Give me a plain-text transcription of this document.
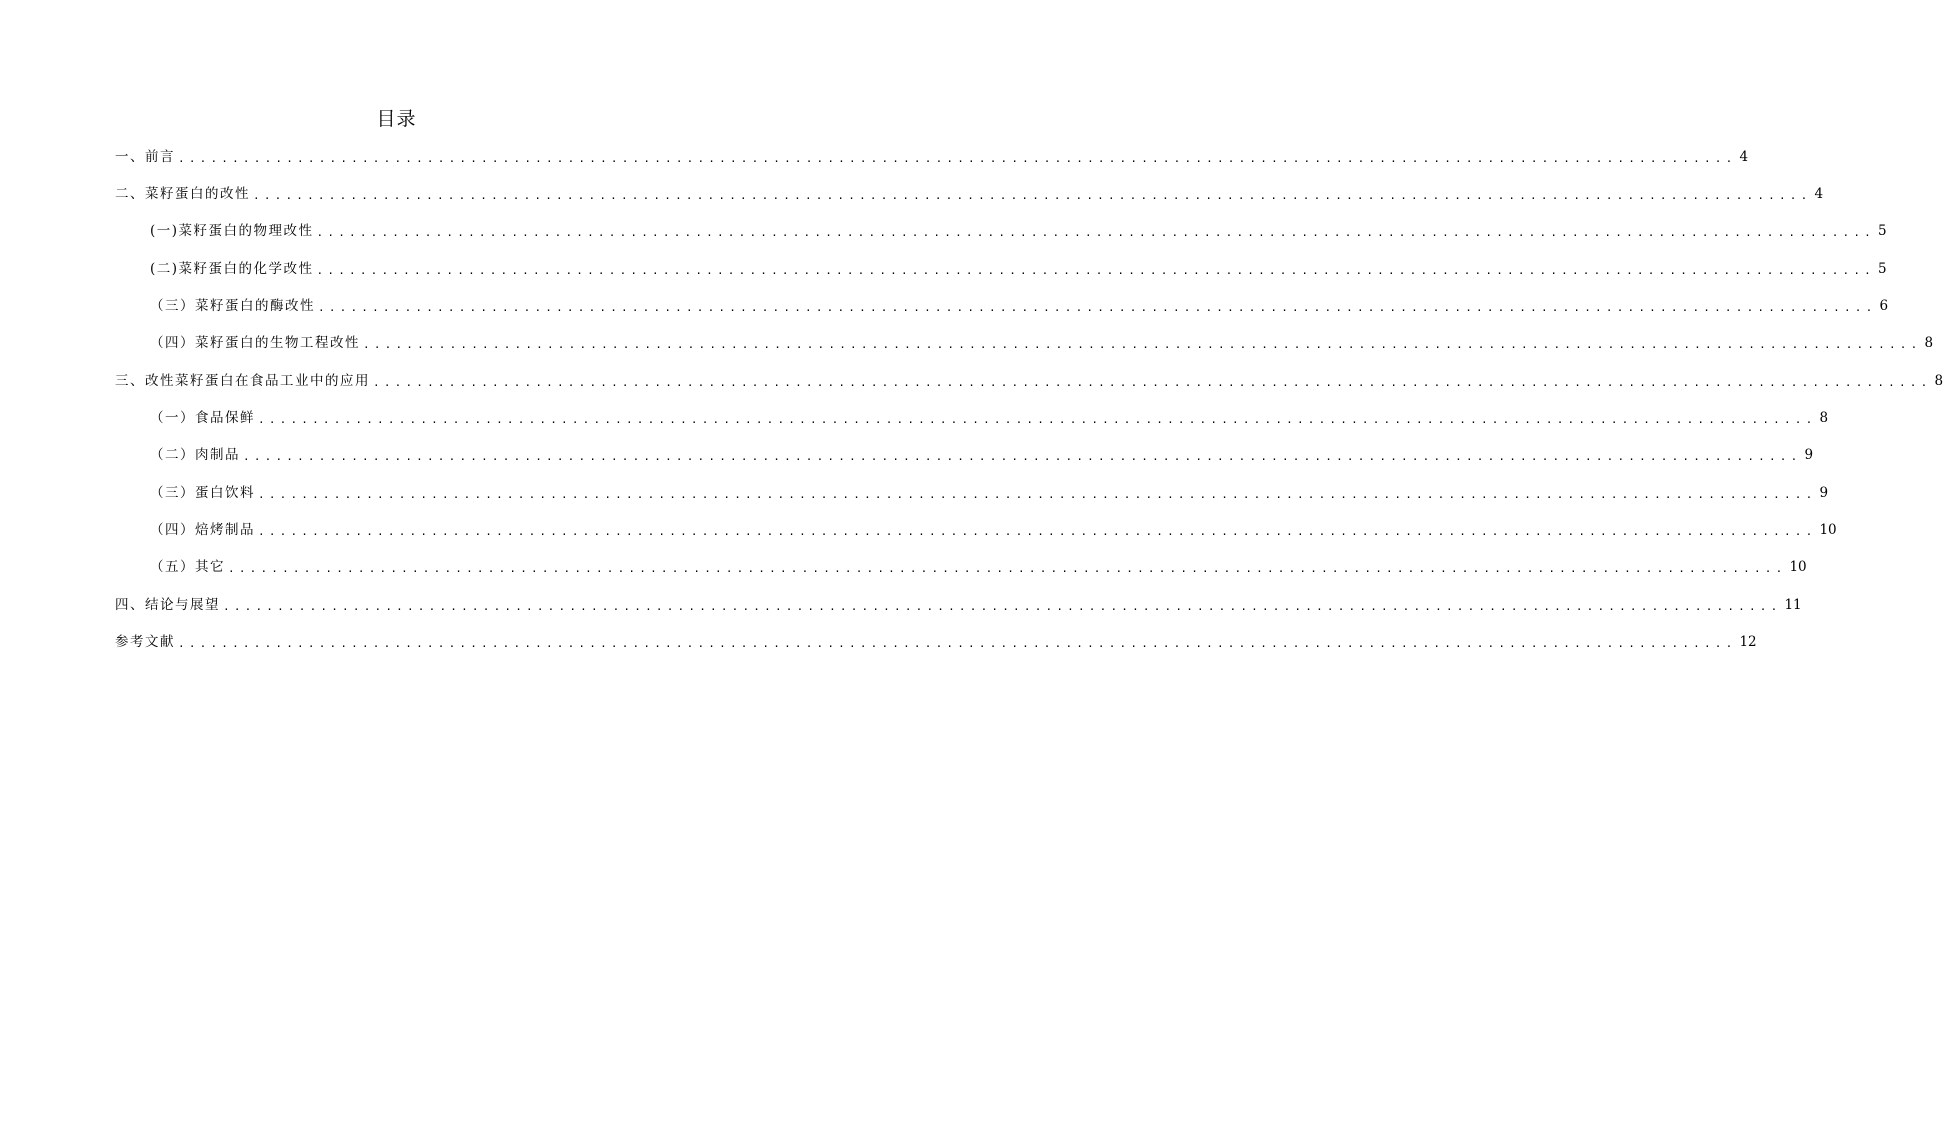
目录
一、前言 ................................................................................................................................................ 4
二、菜籽蛋白的改性 ................................................................................................................................................ 4
(一)菜籽蛋白的物理改性 ................................................................................................................................................ 5
(二)菜籽蛋白的化学改性 ................................................................................................................................................ 5
（三）菜籽蛋白的酶改性 ................................................................................................................................................ 6
（四）菜籽蛋白的生物工程改性 ................................................................................................................................................ 8
三、改性菜籽蛋白在食品工业中的应用 ................................................................................................................................................ 8
（一）食品保鲜 ................................................................................................................................................ 8
（二）肉制品 ................................................................................................................................................ 9
（三）蛋白饮料 ................................................................................................................................................ 9
（四）焙烤制品 ................................................................................................................................................ 10
（五）其它 ................................................................................................................................................ 10
四、结论与展望 ................................................................................................................................................ 11
参考文献 ................................................................................................................................................ 12
